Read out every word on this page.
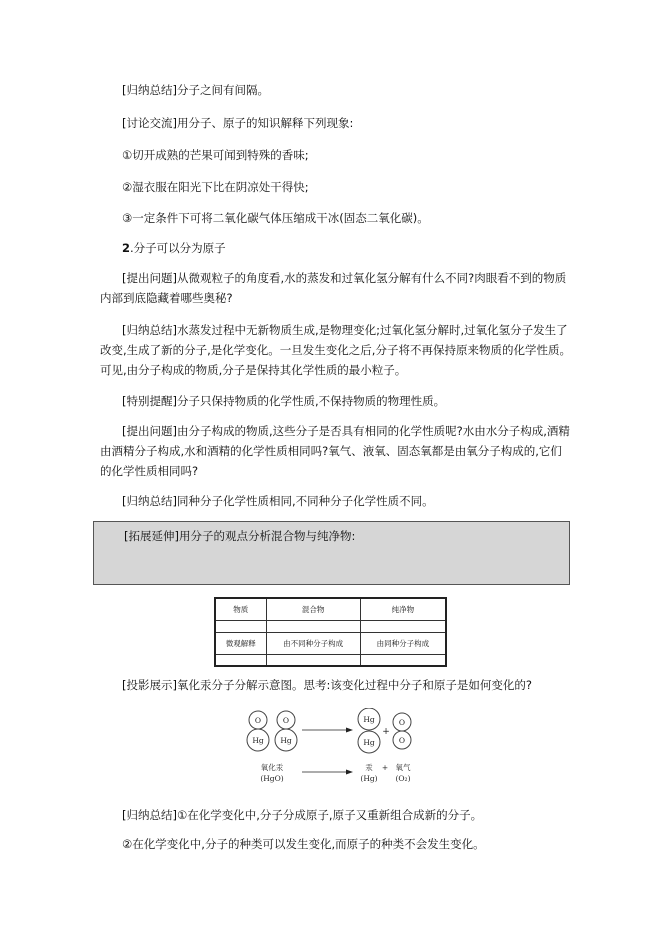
[归纳总结]分子之间有间隔。

[讨论交流]用分子、原子的知识解释下列现象:

①切开成熟的芒果可闻到特殊的香味;

②湿衣服在阳光下比在阴凉处干得快;

③一定条件下可将二氧化碳气体压缩成干冰(固态二氧化碳)。

2.分子可以分为原子

[提出问题]从微观粒子的角度看,水的蒸发和过氧化氢分解有什么不同?肉眼看不到的物质内部到底隐藏着哪些奥秘?

[归纳总结]水蒸发过程中无新物质生成,是物理变化;过氧化氢分解时,过氧化氢分子发生了改变,生成了新的分子,是化学变化。一旦发生变化之后,分子将不再保持原来物质的化学性质。可见,由分子构成的物质,分子是保持其化学性质的最小粒子。

[特别提醒]分子只保持物质的化学性质,不保持物质的物理性质。

[提出问题]由分子构成的物质,这些分子是否具有相同的化学性质呢?水由水分子构成,酒精由酒精分子构成,水和酒精的化学性质相同吗?氧气、液氧、固态氧都是由氧分子构成的,它们的化学性质相同吗?

[归纳总结]同种分子化学性质相同,不同种分子化学性质不同。

[拓展延伸]用分子的观点分析混合物与纯净物:

物质	混合物	纯净物

微观解释	由不同种分子构成	由同种分子构成

[投影展示]氧化汞分子分解示意图。思考:该变化过程中分子和原子是如何变化的?

O
Hg
O
Hg
Hg
Hg
O
O
+
氧化汞
(HgO)
汞
(Hg)
+ 氧气
(O₂)

[归纳总结]①在化学变化中,分子分成原子,原子又重新组合成新的分子。

②在化学变化中,分子的种类可以发生变化,而原子的种类不会发生变化。
